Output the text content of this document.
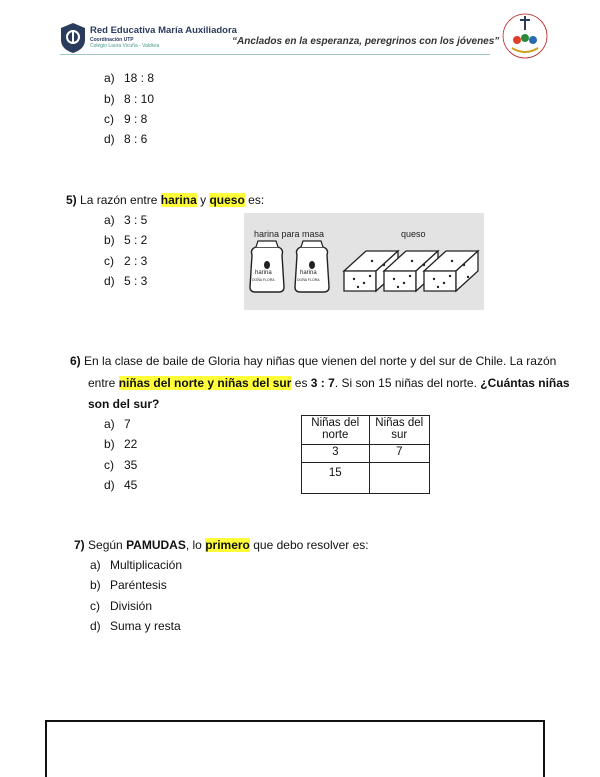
Red Educativa María Auxiliadora
Coordinación UTP
Colegio Laura Vicuña - Valdivia	“Anclados en la esperanza, peregrinos con los jóvenes”
a) 18 : 8
b) 8 : 10
c) 9 : 8
d) 8 : 6
5) La razón entre harina y queso es:
a) 3 : 5
b) 5 : 2
c) 2 : 3
d) 5 : 3
harina para masa	queso
harina
DOÑA FLORA
harina
DOÑA FLORA
6) En la clase de baile de Gloria hay niñas que vienen del norte y del sur de Chile. La razón
entre niñas del norte y niñas del sur es 3 : 7. Si son 15 niñas del norte. ¿Cuántas niñas
son del sur?
a) 7
b) 22
c) 35
d) 45
Niñas del norte	Niñas del sur
3	7
15	
7) Según PAMUDAS, lo primero que debo resolver es:
a) Multiplicación
b) Paréntesis
c) División
d) Suma y resta
